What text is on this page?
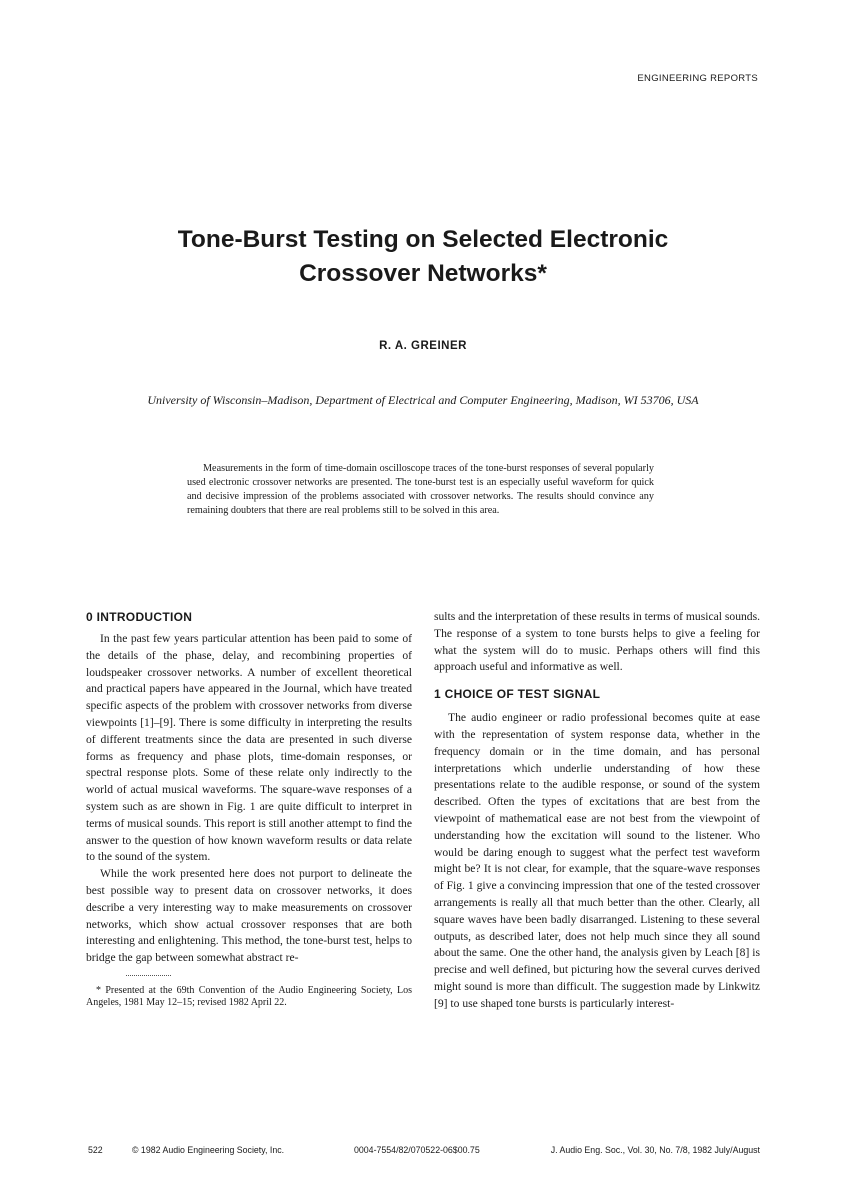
ENGINEERING REPORTS
Tone-Burst Testing on Selected Electronic
Crossover Networks*
R. A. GREINER
University of Wisconsin–Madison, Department of Electrical and Computer Engineering, Madison, WI 53706, USA
Measurements in the form of time-domain oscilloscope traces of the tone-burst responses of several popularly used electronic crossover networks are presented. The tone-burst test is an especially useful waveform for quick and decisive impression of the problems associated with crossover networks. The results should convince any remaining doubters that there are real problems still to be solved in this area.
0 INTRODUCTION

In the past few years particular attention has been paid to some of the details of the phase, delay, and recombining properties of loudspeaker crossover networks. A number of excellent theoretical and practical papers have appeared in the Journal, which have treated specific aspects of the problem with crossover networks from diverse viewpoints [1]–[9]. There is some difficulty in interpreting the results of different treatments since the data are presented in such diverse forms as frequency and phase plots, time-domain responses, or spectral response plots. Some of these relate only indirectly to the world of actual musical waveforms. The square-wave responses of a system such as are shown in Fig. 1 are quite difficult to interpret in terms of musical sounds. This report is still another attempt to find the answer to the question of how known waveform results or data relate to the sound of the system.

While the work presented here does not purport to delineate the best possible way to present data on crossover networks, it does describe a very interesting way to make measurements on crossover networks, which show actual crossover responses that are both interesting and enlightening. This method, the tone-burst test, helps to bridge the gap between somewhat abstract re-

* Presented at the 69th Convention of the Audio Engineering Society, Los Angeles, 1981 May 12–15; revised 1982 April 22.

sults and the interpretation of these results in terms of musical sounds. The response of a system to tone bursts helps to give a feeling for what the system will do to music. Perhaps others will find this approach useful and informative as well.

1 CHOICE OF TEST SIGNAL

The audio engineer or radio professional becomes quite at ease with the representation of system response data, whether in the frequency domain or in the time domain, and has personal interpretations which underlie understanding of how these presentations relate to the audible response, or sound of the system described. Often the types of excitations that are best from the viewpoint of mathematical ease are not best from the viewpoint of understanding how the excitation will sound to the listener. Who would be daring enough to suggest what the perfect test waveform might be? It is not clear, for example, that the square-wave responses of Fig. 1 give a convincing impression that one of the tested crossover arrangements is really all that much better than the other. Clearly, all square waves have been badly disarranged. Listening to these several outputs, as described later, does not help much since they all sound about the same. One the other hand, the analysis given by Leach [8] is precise and well defined, but picturing how the several curves derived might sound is more than difficult. The suggestion made by Linkwitz [9] to use shaped tone bursts is particularly interest-

522	© 1982 Audio Engineering Society, Inc.	0004-7554/82/070522-06$00.75	J. Audio Eng. Soc., Vol. 30, No. 7/8, 1982 July/August
